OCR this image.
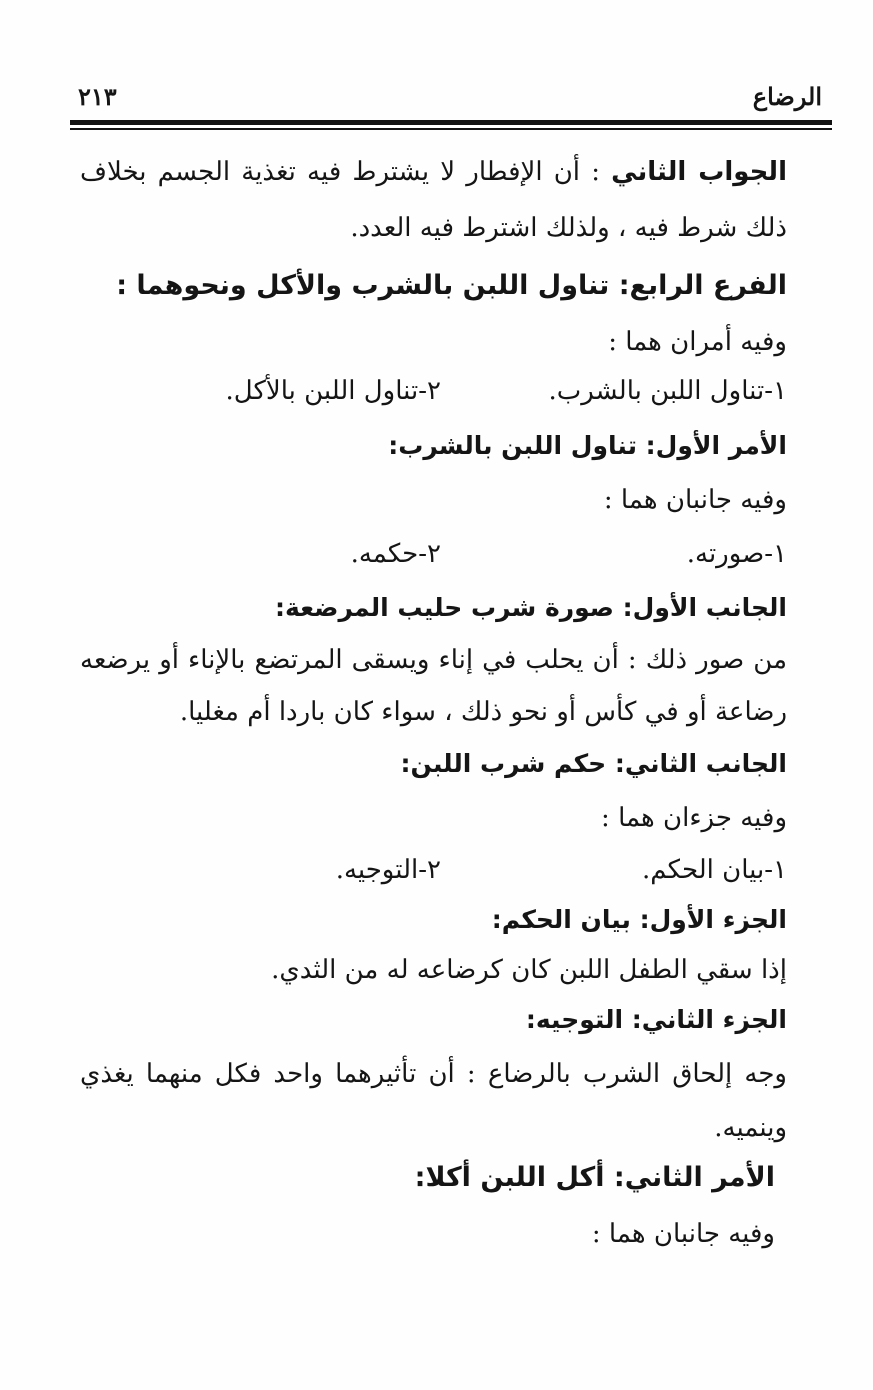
الرضاع
٢١٣
الجواب الثاني : أن الإفطار لا يشترط فيه تغذية الجسم بخلاف
ذلك شرط فيه ، ولذلك اشترط فيه العدد.
الفرع الرابع: تناول اللبن بالشرب والأكل ونحوهما :
وفيه أمران هما :
١-تناول اللبن بالشرب.
٢-تناول اللبن بالأكل.
الأمر الأول: تناول اللبن بالشرب:
وفيه جانبان هما :
١-صورته.
٢-حكمه.
الجانب الأول: صورة شرب حليب المرضعة:
من صور ذلك : أن يحلب في إناء ويسقى المرتضع بالإناء أو يرضعه
رضاعة أو في كأس أو نحو ذلك ، سواء كان باردا أم مغليا.
الجانب الثاني: حكم شرب اللبن:
وفيه جزءان هما :
١-بيان الحكم.
٢-التوجيه.
الجزء الأول: بيان الحكم:
إذا سقي الطفل اللبن كان كرضاعه له من الثدي.
الجزء الثاني: التوجيه:
وجه إلحاق الشرب بالرضاع : أن تأثيرهما واحد فكل منهما يغذي
وينميه.
الأمر الثاني: أكل اللبن أكلا:
وفيه جانبان هما :
